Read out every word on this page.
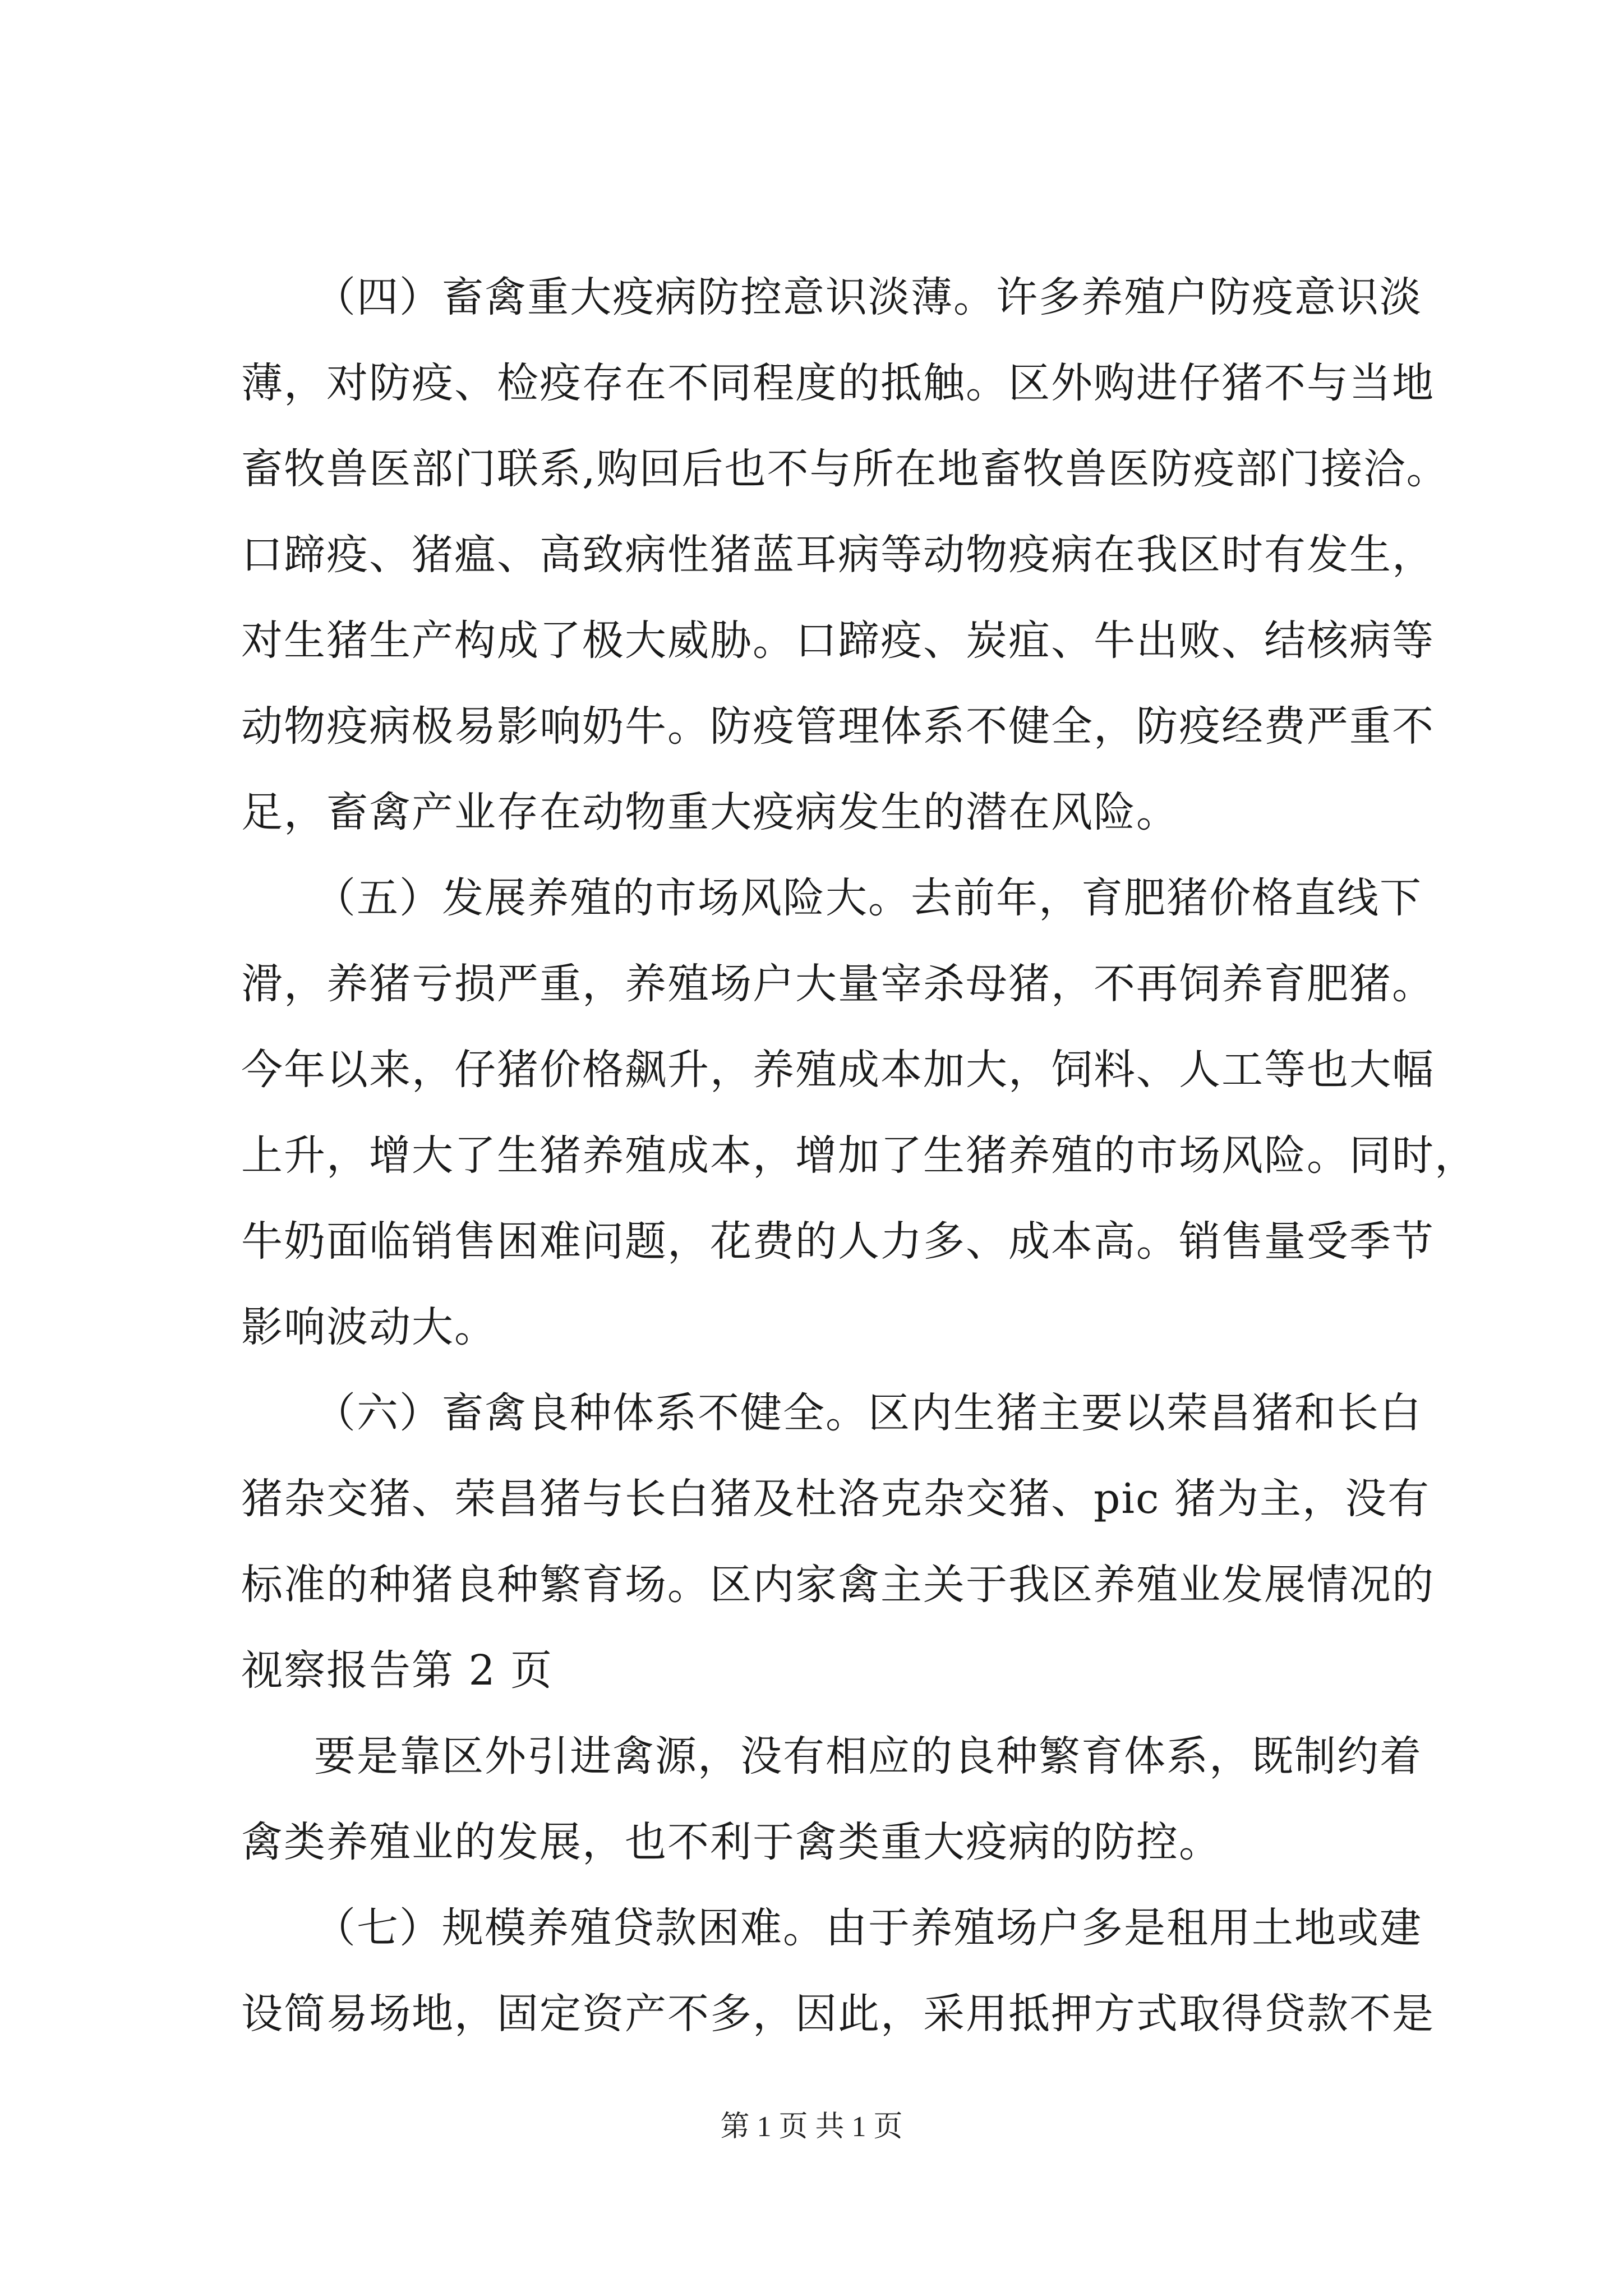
（四）畜禽重大疫病防控意识淡薄。许多养殖户防疫意识淡
薄，对防疫、检疫存在不同程度的抵触。区外购进仔猪不与当地
畜牧兽医部门联系,购回后也不与所在地畜牧兽医防疫部门接洽。
口蹄疫、猪瘟、高致病性猪蓝耳病等动物疫病在我区时有发生，
对生猪生产构成了极大威胁。口蹄疫、炭疽、牛出败、结核病等
动物疫病极易影响奶牛。防疫管理体系不健全，防疫经费严重不
足，畜禽产业存在动物重大疫病发生的潜在风险。
（五）发展养殖的市场风险大。去前年，育肥猪价格直线下
滑，养猪亏损严重，养殖场户大量宰杀母猪，不再饲养育肥猪。
今年以来，仔猪价格飙升，养殖成本加大，饲料、人工等也大幅
上升，增大了生猪养殖成本，增加了生猪养殖的市场风险。同时，
牛奶面临销售困难问题，花费的人力多、成本高。销售量受季节
影响波动大。
（六）畜禽良种体系不健全。区内生猪主要以荣昌猪和长白
猪杂交猪、荣昌猪与长白猪及杜洛克杂交猪、pic 猪为主，没有
标准的种猪良种繁育场。区内家禽主关于我区养殖业发展情况的
视察报告第 2 页
要是靠区外引进禽源，没有相应的良种繁育体系，既制约着
禽类养殖业的发展，也不利于禽类重大疫病的防控。
（七）规模养殖贷款困难。由于养殖场户多是租用土地或建
设简易场地，固定资产不多，因此，采用抵押方式取得贷款不是
第 1 页 共 1 页
